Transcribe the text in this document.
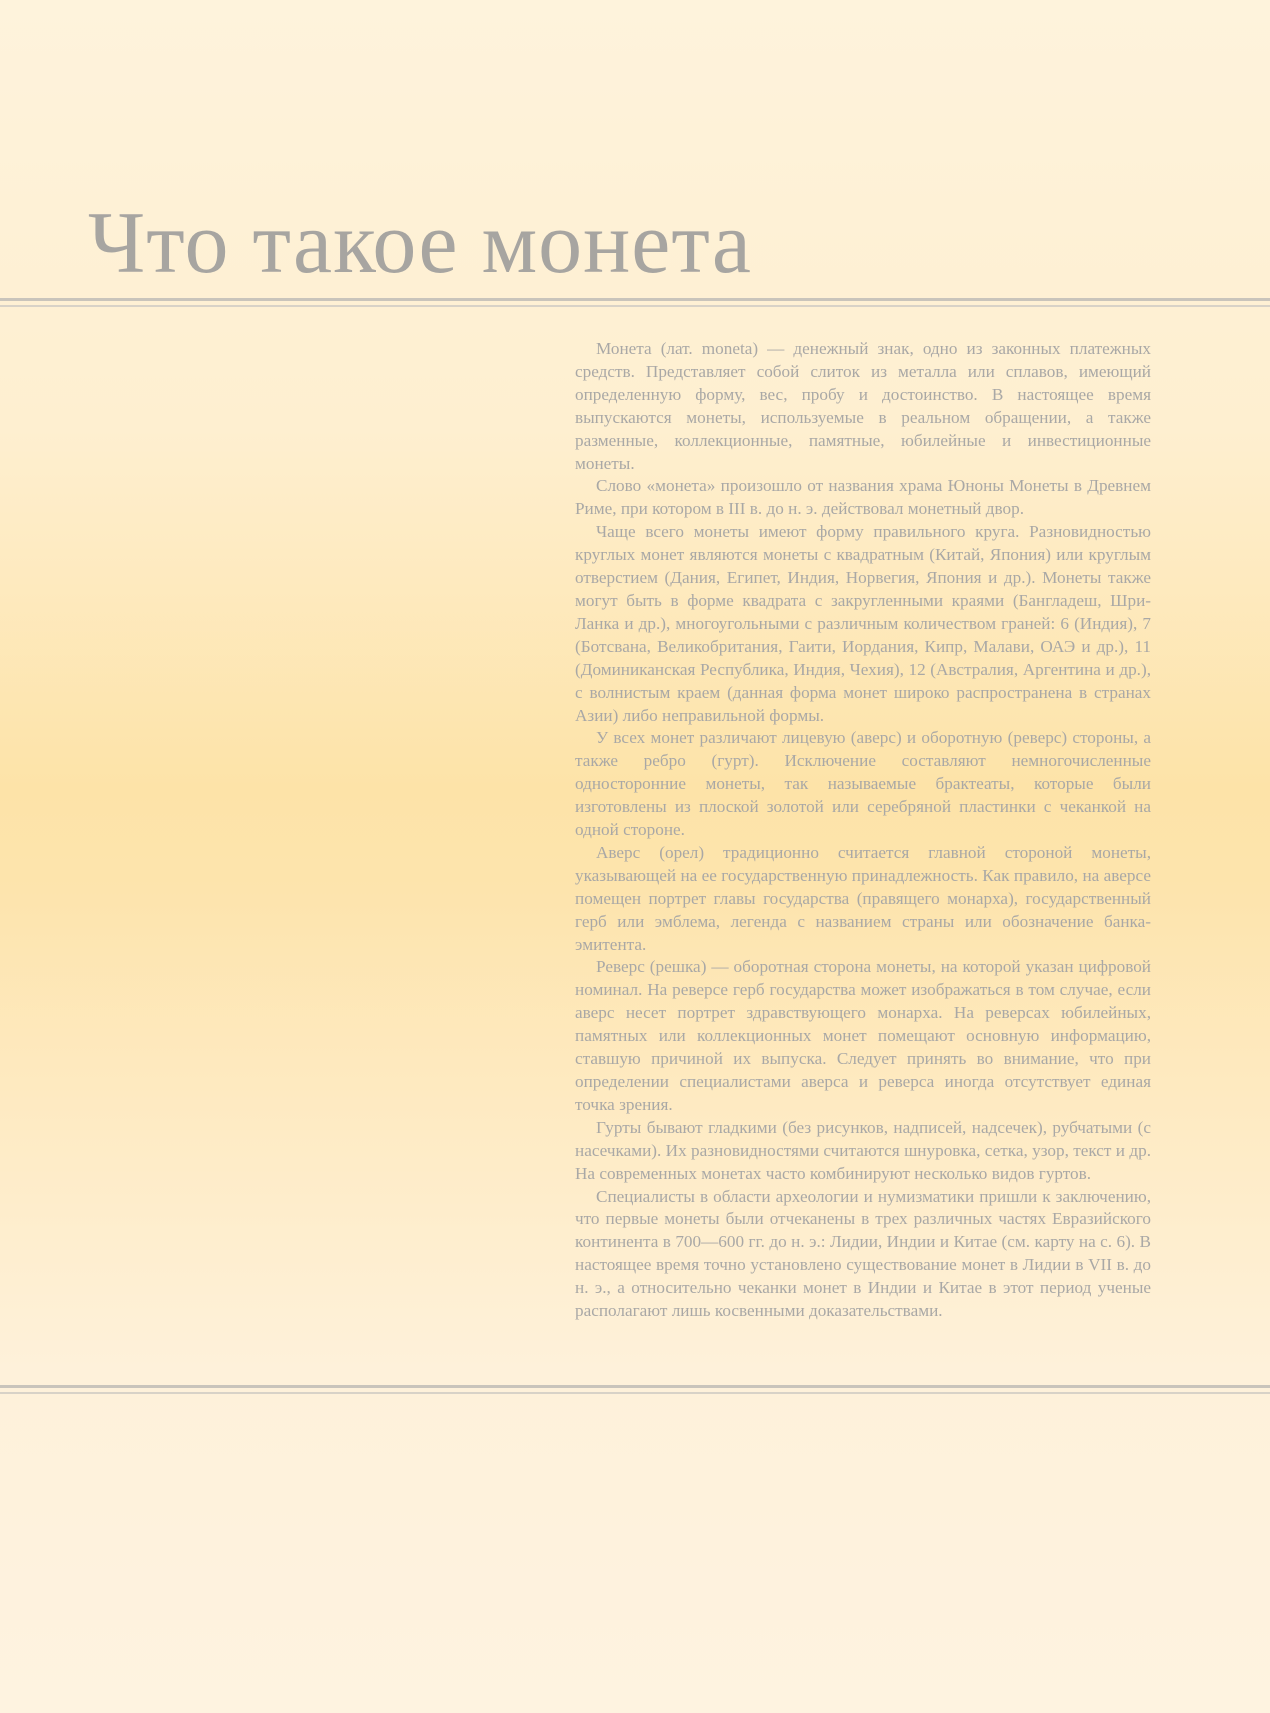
Что такое монета

Монета (лат. moneta) — денежный знак, одно из законных платежных средств. Представляет собой слиток из металла или сплавов, имеющий определенную форму, вес, пробу и достоинство. В настоящее время выпускаются монеты, используемые в реальном обращении, а также разменные, коллекционные, памятные, юбилейные и инвестиционные монеты.

Слово «монета» произошло от названия храма Юноны Монеты в Древнем Риме, при котором в III в. до н. э. действовал монетный двор.

Чаще всего монеты имеют форму правильного круга. Разновидностью круглых монет являются монеты с квадратным (Китай, Япония) или круглым отверстием (Дания, Египет, Индия, Норвегия, Япония и др.). Монеты также могут быть в форме квадрата с закругленными краями (Бангладеш, Шри-Ланка и др.), многоугольными с различным количеством граней: 6 (Индия), 7 (Ботсвана, Великобритания, Гаити, Иордания, Кипр, Малави, ОАЭ и др.), 11 (Доминиканская Республика, Индия, Чехия), 12 (Австралия, Аргентина и др.), с волнистым краем (данная форма монет широко распространена в странах Азии) либо неправильной формы.

У всех монет различают лицевую (аверс) и оборотную (реверс) стороны, а также ребро (гурт). Исключение составляют немногочисленные односторонние монеты, так называемые брактеаты, которые были изготовлены из плоской золотой или серебряной пластинки с чеканкой на одной стороне.

Аверс (орел) традиционно считается главной стороной монеты, указывающей на ее государственную принадлежность. Как правило, на аверсе помещен портрет главы государства (правящего монарха), государственный герб или эмблема, легенда с названием страны или обозначение банка-эмитента.

Реверс (решка) — оборотная сторона монеты, на которой указан цифровой номинал. На реверсе герб государства может изображаться в том случае, если аверс несет портрет здравствующего монарха. На реверсах юбилейных, памятных или коллекционных монет помещают основную информацию, ставшую причиной их выпуска. Следует принять во внимание, что при определении специалистами аверса и реверса иногда отсутствует единая точка зрения.

Гурты бывают гладкими (без рисунков, надписей, надсечек), рубчатыми (с насечками). Их разновидностями считаются шнуровка, сетка, узор, текст и др. На современных монетах часто комбинируют несколько видов гуртов.

Специалисты в области археологии и нумизматики пришли к заключению, что первые монеты были отчеканены в трех различных частях Евразийского континента в 700—600 гг. до н. э.: Лидии, Индии и Китае (см. карту на с. 6). В настоящее время точно установлено существование монет в Лидии в VII в. до н. э., а относительно чеканки монет в Индии и Китае в этот период ученые располагают лишь косвенными доказательствами.
